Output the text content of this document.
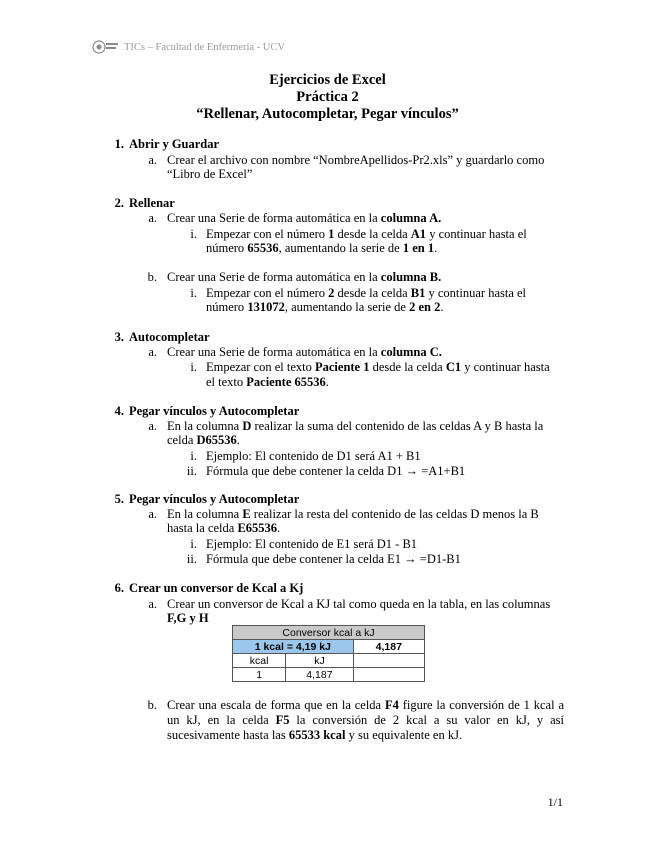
TICs – Facultad de Enfermería - UCV
Ejercicios de Excel
Práctica 2
“Rellenar, Autocompletar, Pegar vínculos”
1. Abrir y Guardar
a. Crear el archivo con nombre “NombreApellidos-Pr2.xls” y guardarlo como
“Libro de Excel”
2. Rellenar
a. Crear una Serie de forma automática en la columna A.
i. Empezar con el número 1 desde la celda A1 y continuar hasta el
número 65536, aumentando la serie de 1 en 1.
b. Crear una Serie de forma automática en la columna B.
i. Empezar con el número 2 desde la celda B1 y continuar hasta el
número 131072, aumentando la serie de 2 en 2.
3. Autocompletar
a. Crear una Serie de forma automática en la columna C.
i. Empezar con el texto Paciente 1 desde la celda C1 y continuar hasta
el texto Paciente 65536.
4. Pegar vínculos y Autocompletar
a. En la columna D realizar la suma del contenido de las celdas A y B hasta la
celda D65536.
i. Ejemplo: El contenido de D1 será A1 + B1
ii. Fórmula que debe contener la celda D1 → =A1+B1
5. Pegar vínculos y Autocompletar
a. En la columna E realizar la resta del contenido de las celdas D menos la B
hasta la celda E65536.
i. Ejemplo: El contenido de E1 será D1 - B1
ii. Fórmula que debe contener la celda E1 → =D1-B1
6. Crear un conversor de Kcal a Kj
a. Crear un conversor de Kcal a KJ tal como queda en la tabla, en las columnas
F,G y H
Conversor kcal a kJ		
1 kcal = 4,19 kJ		4,187
kcal	kJ	
1	4,187	
b. Crear una escala de forma que en la celda F4 figure la conversión de 1 kcal a un kJ, en la celda F5 la conversión de 2 kcal a su valor en kJ, y así sucesivamente hasta las 65533 kcal y su equivalente en kJ.
1/1
